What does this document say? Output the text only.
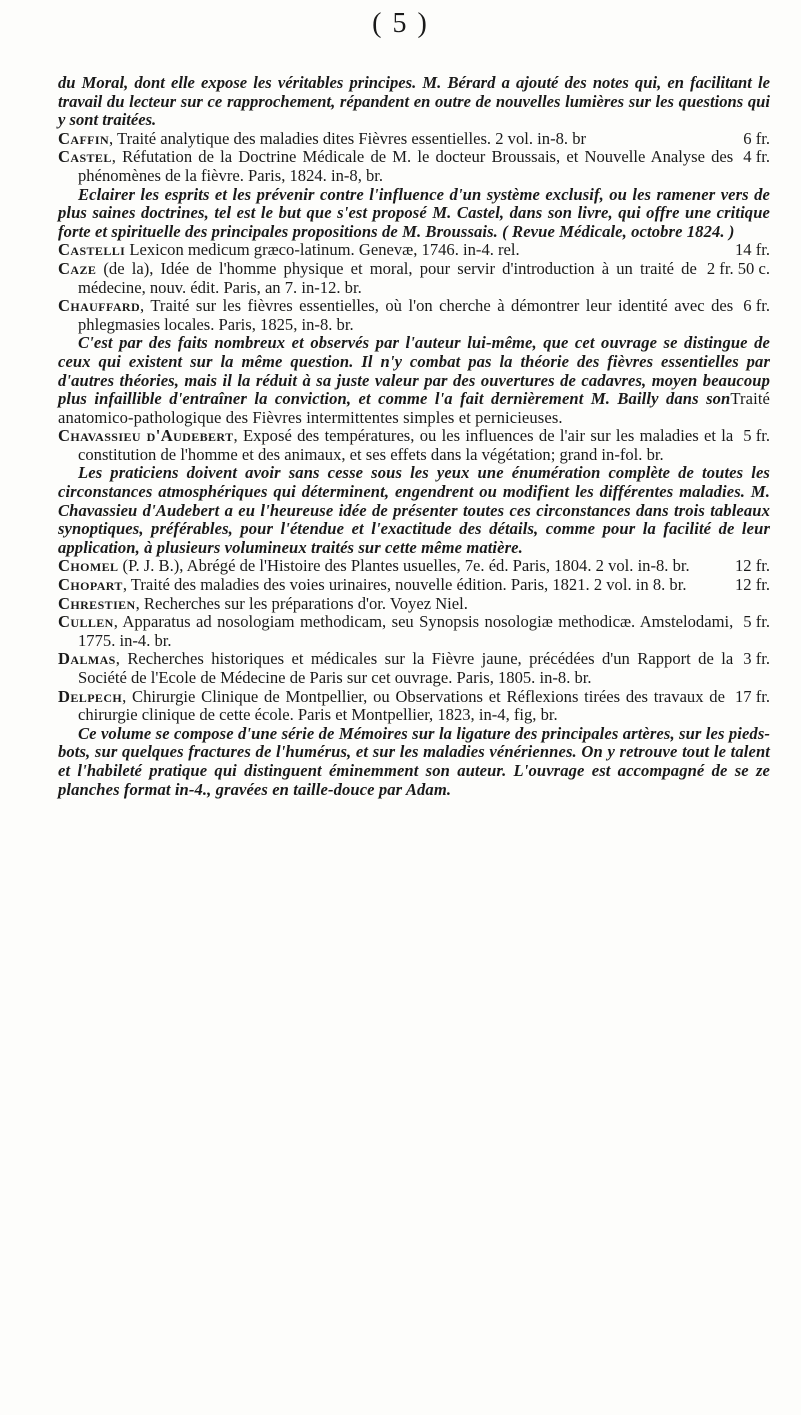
( 5 )

du Moral, dont elle expose les véritables principes. M. Bérard a ajouté des notes qui, en facilitant le travail du lecteur sur ce rapprochement, répandent en outre de nouvelles lumières sur les questions qui y sont traitées.

6 fr.
Caffin, Traité analytique des maladies dites Fièvres essentielles. 2 vol. in-8. br

4 fr.
Castel, Réfutation de la Doctrine Médicale de M. le docteur Broussais, et Nouvelle Analyse des phénomènes de la fièvre. Paris, 1824. in-8, br.

Eclairer les esprits et les prévenir contre l'influence d'un système exclusif, ou les ramener vers de plus saines doctrines, tel est le but que s'est proposé M. Castel, dans son livre, qui offre une critique forte et spirituelle des principales propositions de M. Broussais. ( Revue Médicale, octobre 1824. )

14 fr.
Castelli Lexicon medicum græco-latinum. Genevæ, 1746. in-4. rel.

2 fr. 50 c.
Caze (de la), Idée de l'homme physique et moral, pour servir d'introduction à un traité de médecine, nouv. édit. Paris, an 7. in-12. br.

6 fr.
Chauffard, Traité sur les fièvres essentielles, où l'on cherche à démontrer leur identité avec des phlegmasies locales. Paris, 1825, in-8. br.

C'est par des faits nombreux et observés par l'auteur lui-même, que cet ouvrage se distingue de ceux qui existent sur la même question. Il n'y combat pas la théorie des fièvres essentielles par d'autres théories, mais il la réduit à sa juste valeur par des ouvertures de cadavres, moyen beaucoup plus infaillible d'entraîner la conviction, et comme l'a fait dernièrement M. Bailly dans sonTraité anatomico-pathologique des Fièvres intermittentes simples et pernicieuses.

5 fr.
Chavassieu d'Audebert, Exposé des températures, ou les influences de l'air sur les maladies et la constitution de l'homme et des animaux, et ses effets dans la végétation; grand in-fol. br.

Les praticiens doivent avoir sans cesse sous les yeux une énumération complète de toutes les circonstances atmosphériques qui déterminent, engendrent ou modifient les différentes maladies. M. Chavassieu d'Audebert a eu l'heureuse idée de présenter toutes ces circonstances dans trois tableaux synoptiques, préférables, pour l'étendue et l'exactitude des détails, comme pour la facilité de leur application, à plusieurs volumineux traités sur cette même matière.

12 fr.
Chomel (P. J. B.), Abrégé de l'Histoire des Plantes usuelles, 7e. éd. Paris, 1804. 2 vol. in-8. br.

12 fr.
Chopart, Traité des maladies des voies urinaires, nouvelle édition. Paris, 1821. 2 vol. in 8. br.

Chrestien, Recherches sur les préparations d'or. Voyez Niel.

5 fr.
Cullen, Apparatus ad nosologiam methodicam, seu Synopsis nosologiæ methodicæ. Amstelodami, 1775. in-4. br.

3 fr.
Dalmas, Recherches historiques et médicales sur la Fièvre jaune, précédées d'un Rapport de la Société de l'Ecole de Médecine de Paris sur cet ouvrage. Paris, 1805. in-8. br.

17 fr.
Delpech, Chirurgie Clinique de Montpellier, ou Observations et Réflexions tirées des travaux de chirurgie clinique de cette école. Paris et Montpellier, 1823, in-4, fig, br.

Ce volume se compose d'une série de Mémoires sur la ligature des principales artères, sur les pieds-bots, sur quelques fractures de l'humérus, et sur les maladies vénériennes. On y retrouve tout le talent et l'habileté pratique qui distinguent éminemment son auteur. L'ouvrage est accompagné de se ze planches format in-4., gravées en taille-douce par Adam.
